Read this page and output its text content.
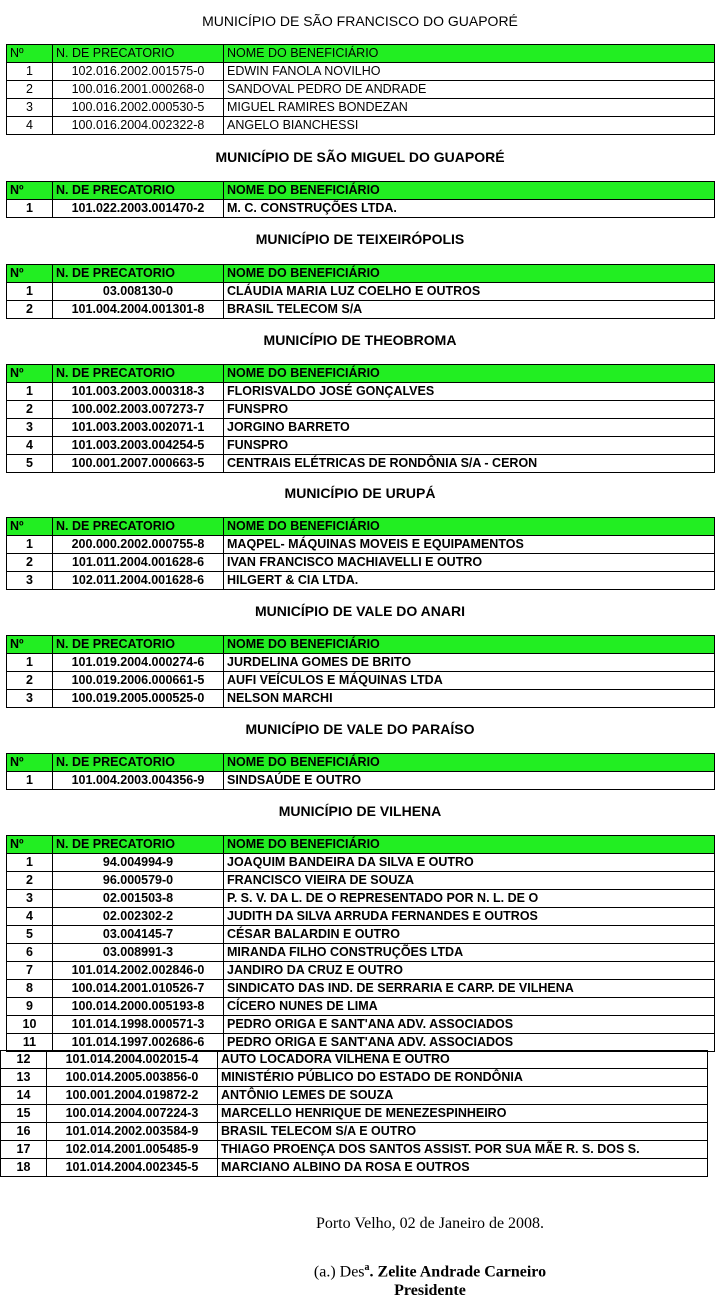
MUNICÍPIO DE SÃO FRANCISCO DO GUAPORÉ
Nº	N. DE PRECATORIO	NOME DO BENEFICIÁRIO
1	102.016.2002.001575-0	EDWIN FANOLA NOVILHO
2	100.016.2001.000268-0	SANDOVAL PEDRO DE ANDRADE
3	100.016.2002.000530-5	MIGUEL RAMIRES BONDEZAN
4	100.016.2004.002322-8	ANGELO BIANCHESSI
MUNICÍPIO DE SÃO MIGUEL DO GUAPORÉ
Nº	N. DE PRECATORIO	NOME DO BENEFICIÁRIO
1	101.022.2003.001470-2	M. C. CONSTRUÇÕES LTDA.
MUNICÍPIO DE TEIXEIRÓPOLIS
Nº	N. DE PRECATORIO	NOME DO BENEFICIÁRIO
1	03.008130-0	CLÁUDIA MARIA LUZ COELHO E OUTROS
2	101.004.2004.001301-8	BRASIL TELECOM S/A
MUNICÍPIO DE THEOBROMA
Nº	N. DE PRECATORIO	NOME DO BENEFICIÁRIO
1	101.003.2003.000318-3	FLORISVALDO JOSÉ GONÇALVES
2	100.002.2003.007273-7	FUNSPRO
3	101.003.2003.002071-1	JORGINO BARRETO
4	101.003.2003.004254-5	FUNSPRO
5	100.001.2007.000663-5	CENTRAIS ELÉTRICAS DE RONDÔNIA S/A - CERON
MUNICÍPIO DE URUPÁ
Nº	N. DE PRECATORIO	NOME DO BENEFICIÁRIO
1	200.000.2002.000755-8	MAQPEL- MÁQUINAS MOVEIS E EQUIPAMENTOS
2	101.011.2004.001628-6	IVAN FRANCISCO MACHIAVELLI E OUTRO
3	102.011.2004.001628-6	HILGERT & CIA LTDA.
MUNICÍPIO DE VALE DO ANARI
Nº	N. DE PRECATORIO	NOME DO BENEFICIÁRIO
1	101.019.2004.000274-6	JURDELINA GOMES DE BRITO
2	100.019.2006.000661-5	AUFI VEÍCULOS E MÁQUINAS LTDA
3	100.019.2005.000525-0	NELSON MARCHI
MUNICÍPIO DE VALE DO PARAÍSO
Nº	N. DE PRECATORIO	NOME DO BENEFICIÁRIO
1	101.004.2003.004356-9	SINDSAÚDE E OUTRO
MUNICÍPIO DE VILHENA
Nº	N. DE PRECATORIO	NOME DO BENEFICIÁRIO
1	94.004994-9	JOAQUIM BANDEIRA DA SILVA E OUTRO
2	96.000579-0	FRANCISCO VIEIRA DE SOUZA
3	02.001503-8	P. S. V. DA L. DE O REPRESENTADO POR N. L. DE O
4	02.002302-2	JUDITH DA SILVA ARRUDA FERNANDES E OUTROS
5	03.004145-7	CÉSAR BALARDIN E OUTRO
6	03.008991-3	MIRANDA FILHO CONSTRUÇÕES LTDA
7	101.014.2002.002846-0	JANDIRO DA CRUZ E OUTRO
8	100.014.2001.010526-7	SINDICATO DAS IND. DE SERRARIA E CARP. DE VILHENA
9	100.014.2000.005193-8	CÍCERO NUNES DE LIMA
10	101.014.1998.000571-3	PEDRO ORIGA E SANT'ANA ADV. ASSOCIADOS
11	101.014.1997.002686-6	PEDRO ORIGA E SANT'ANA ADV. ASSOCIADOS
12	101.014.2004.002015-4	AUTO LOCADORA VILHENA E OUTRO
13	100.014.2005.003856-0	MINISTÉRIO PÚBLICO DO ESTADO DE RONDÔNIA
14	100.001.2004.019872-2	ANTÔNIO LEMES DE SOUZA
15	100.014.2004.007224-3	MARCELLO HENRIQUE DE MENEZESPINHEIRO
16	101.014.2002.003584-9	BRASIL TELECOM S/A E OUTRO
17	102.014.2001.005485-9	THIAGO PROENÇA DOS SANTOS ASSIST. POR SUA MÃE R. S. DOS S.
18	101.014.2004.002345-5	MARCIANO ALBINO DA ROSA E OUTROS
Porto Velho, 02 de Janeiro de 2008.
(a.) Des$^a$. Zelite Andrade Carneiro
Presidente
